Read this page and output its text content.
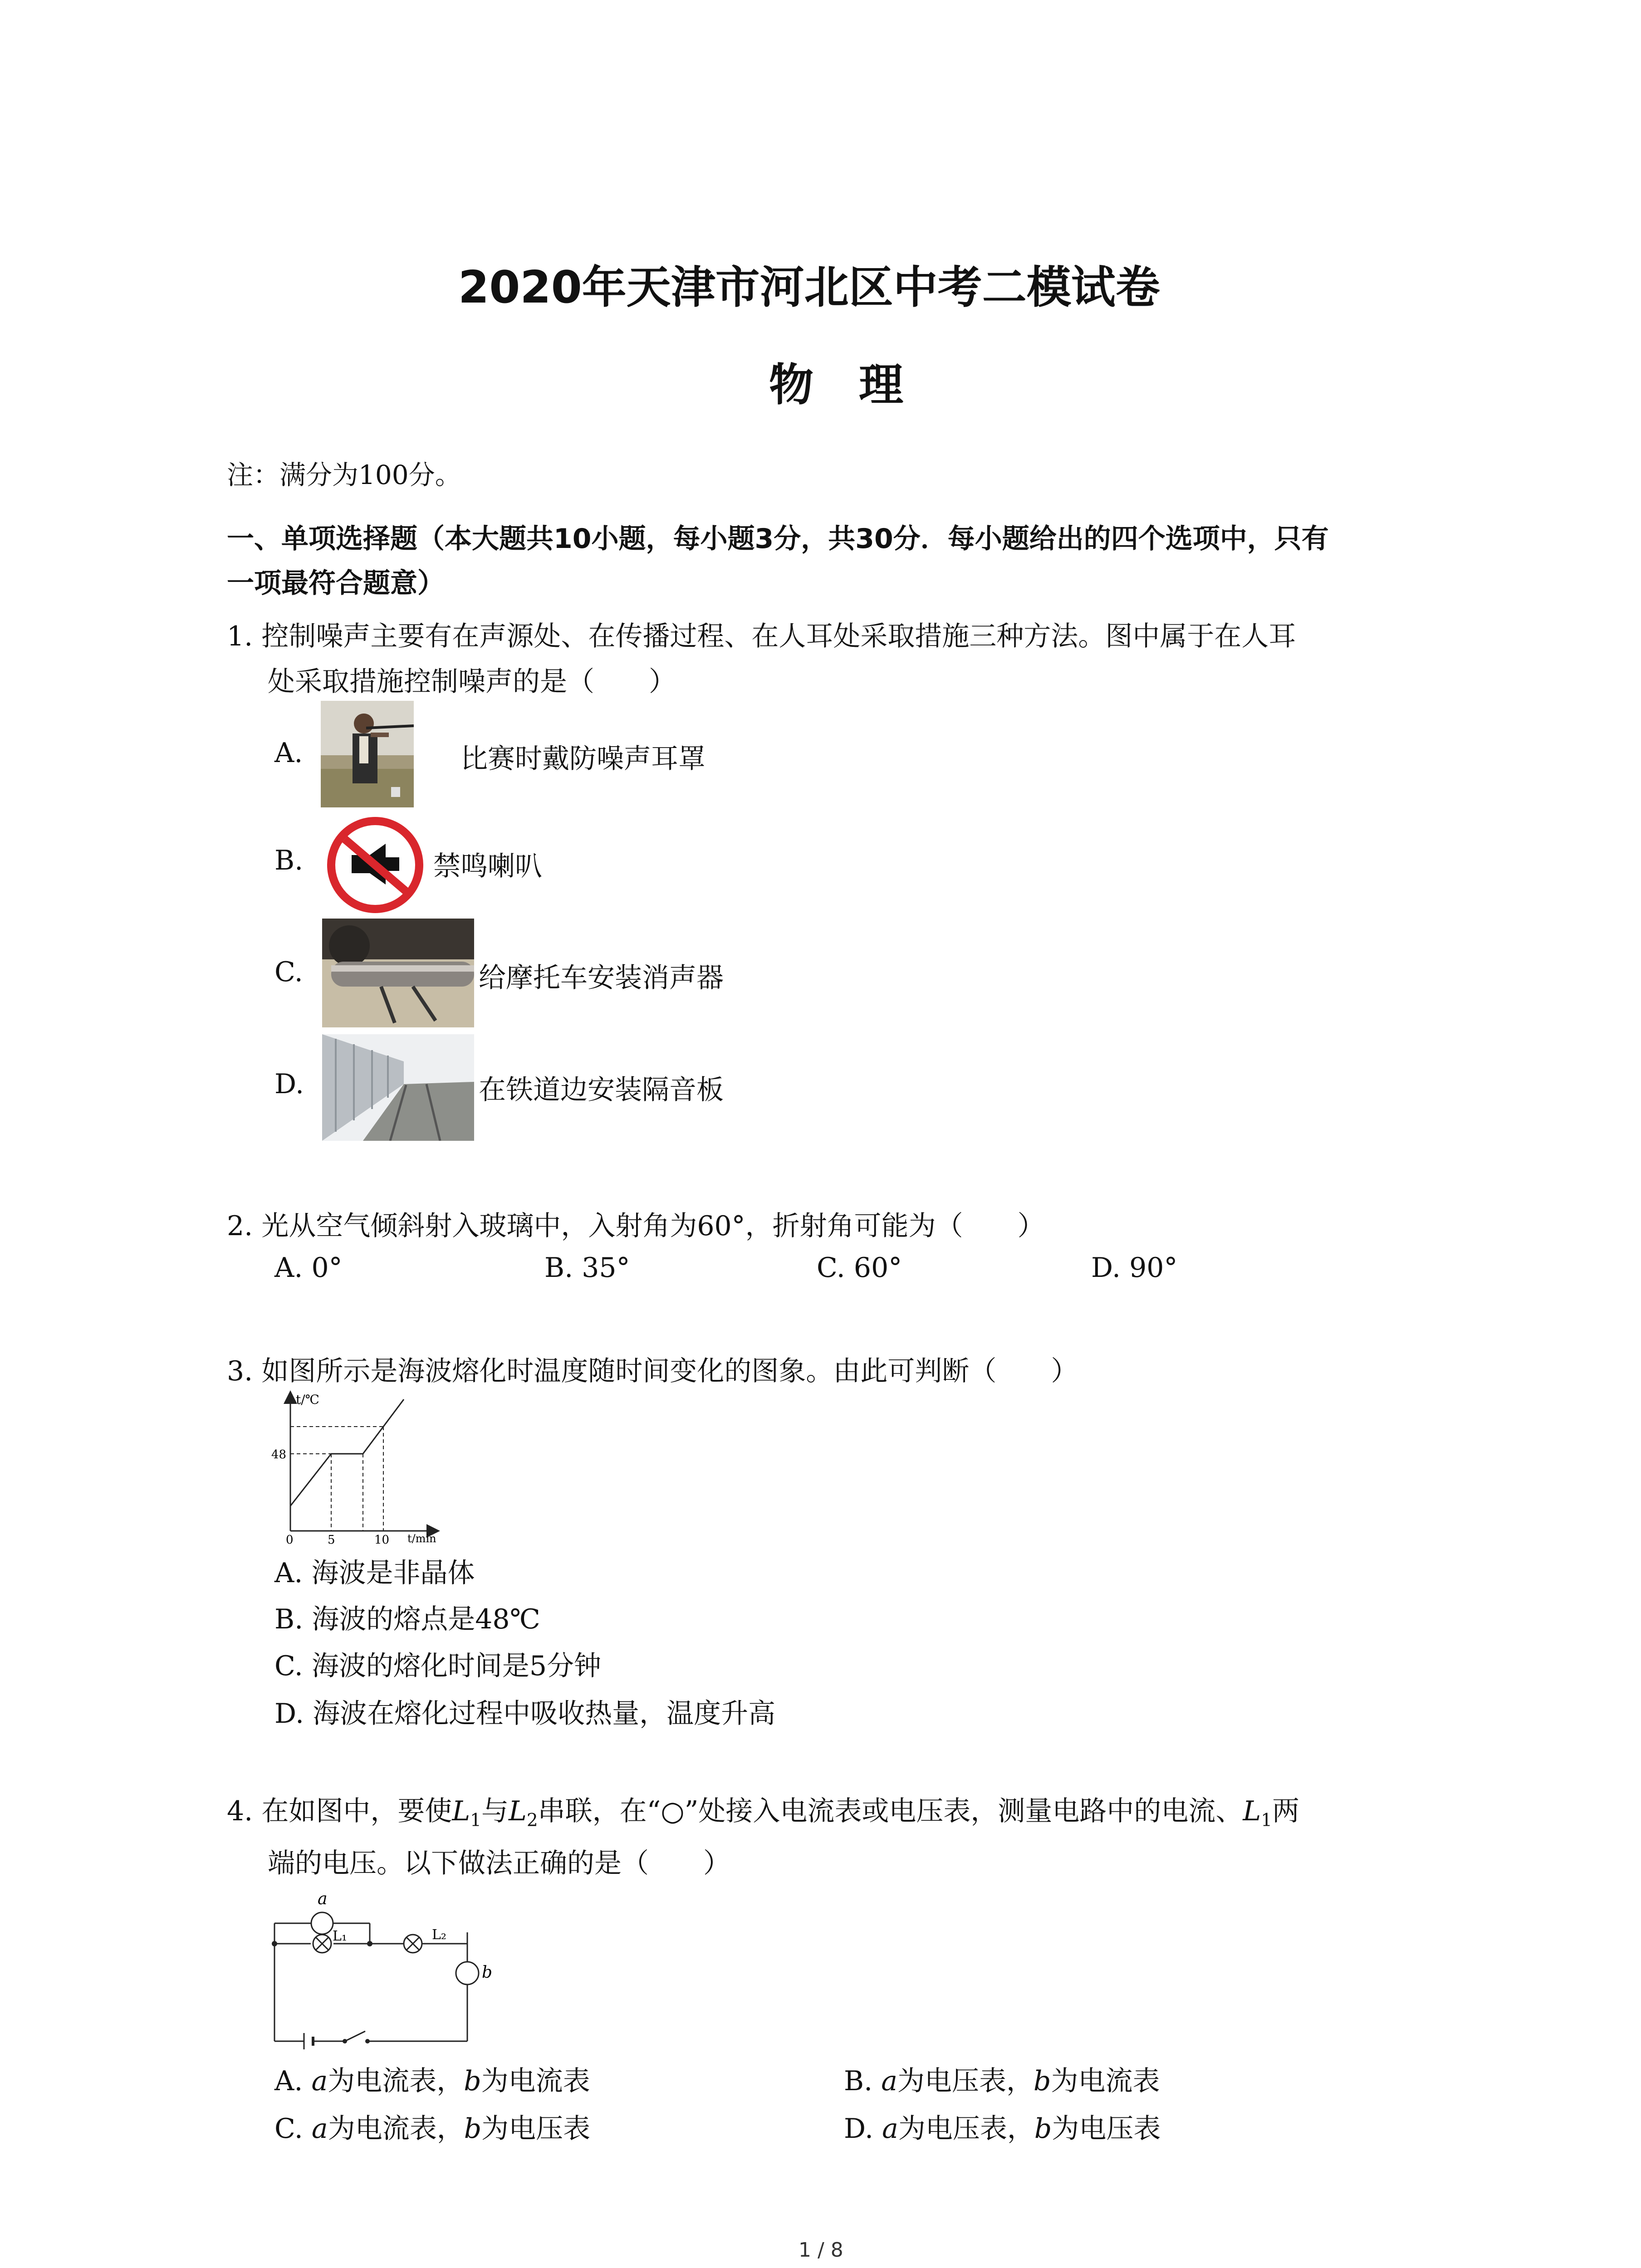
2020年天津市河北区中考二模试卷
物理
注：满分为100分。
一、单项选择题（本大题共10小题，每小题3分，共30分．每小题给出的四个选项中，只有
一项最符合题意）
1. 控制噪声主要有在声源处、在传播过程、在人耳处采取措施三种方法。图中属于在人耳
处采取措施控制噪声的是（　　）
A.	比赛时戴防噪声耳罩
B.	禁鸣喇叭
C.	给摩托车安装消声器
D.	在铁道边安装隔音板
2. 光从空气倾斜射入玻璃中，入射角为60°，折射角可能为（　　）
A. 0°	B. 35°	C. 60°	D. 90°
3. 如图所示是海波熔化时温度随时间变化的图象。由此可判断（　　）
t/℃
t/min
48
0	5	10
A. 海波是非晶体
B. 海波的熔点是48℃
C. 海波的熔化时间是5分钟
D. 海波在熔化过程中吸收热量，温度升高
4. 在如图中，要使$L_1$与$L_2$串联，在“○”处接入电流表或电压表，测量电路中的电流、$L_1$两
端的电压。以下做法正确的是（　　）
a
L₁	L₂
b
A. a为电流表，b为电流表	B. a为电压表，b为电流表
C. a为电流表，b为电压表	D. a为电压表，b为电压表
1 / 8
